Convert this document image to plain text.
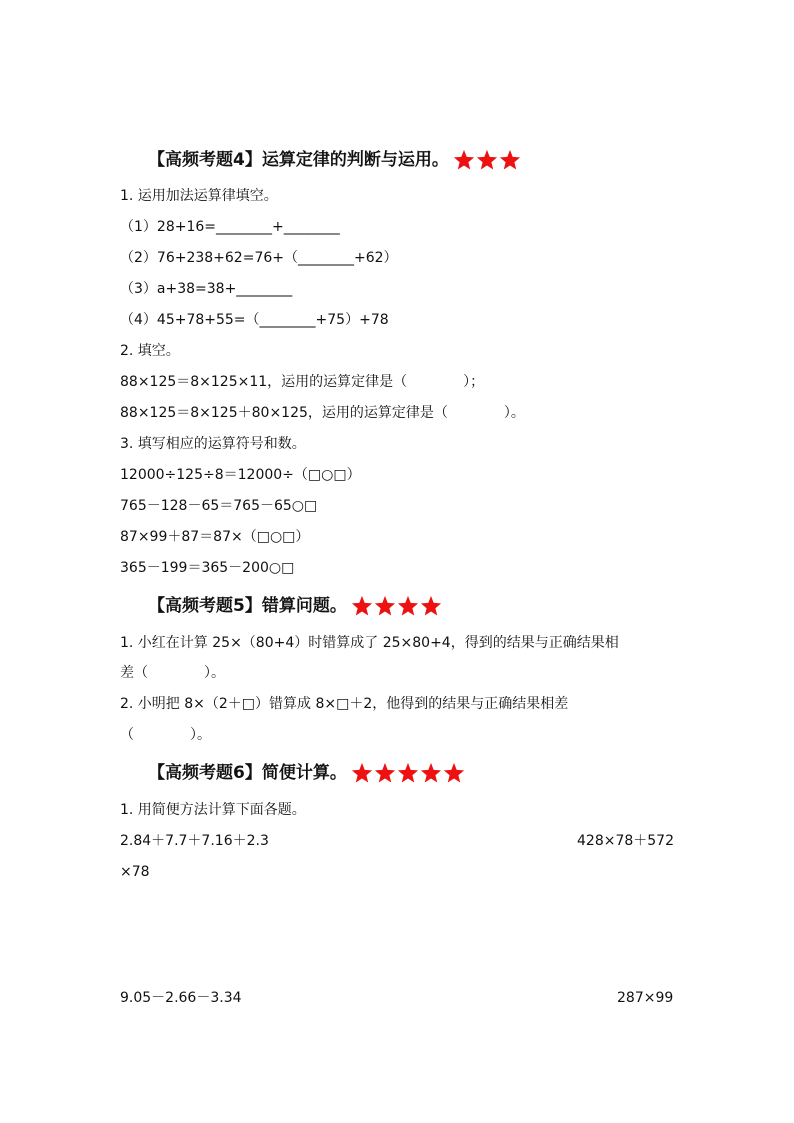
【高频考题4】运算定律的判断与运用。
1. 运用加法运算律填空。
（1）28+16=________+________
（2）76+238+62=76+（________+62）
（3）a+38=38+________
（4）45+78+55=（________+75）+78
2. 填空。
88×125＝8×125×11，运用的运算定律是（　　　　）；
88×125＝8×125＋80×125，运用的运算定律是（　　　　）。
3. 填写相应的运算符号和数。
12000÷125÷8＝12000÷（□○□）
765－128－65＝765－65○□
87×99＋87＝87×（□○□）
365－199＝365－200○□
【高频考题5】错算问题。
1. 小红在计算 25×（80+4）时错算成了 25×80+4，得到的结果与正确结果相
差（　　　　）。
2. 小明把 8×（2＋□）错算成 8×□＋2，他得到的结果与正确结果相差
（　　　　）。
【高频考题6】简便计算。
1. 用简便方法计算下面各题。
2.84＋7.7＋7.16＋2.3	428×78＋572
×78
9.05－2.66－3.34	287×99
